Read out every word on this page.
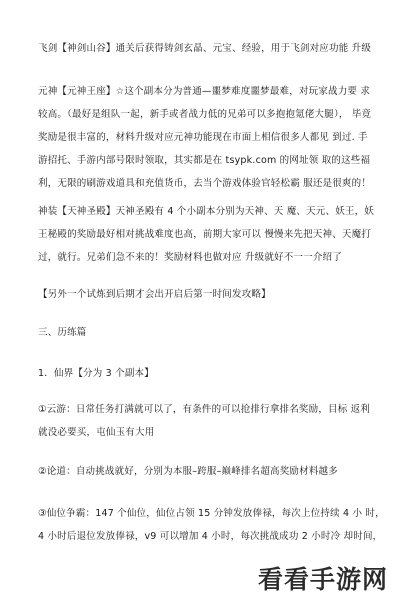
飞剑【神剑山谷】通关后获得铸剑玄晶、元宝、经验，用于飞剑对应功能 升级
元神【元神王座】☆这个副本分为普通—噩梦难度噩梦最难，对玩家战力要 求
较高。（最好是组队一起，新手或者战力低的兄弟可以多抱抱氪佬大腿）， 毕竟
奖励是很丰富的，材料升级对应元神功能现在市面上相信很多人都见 到过. 手
游招托、手游内部号限时领取，其实都是在 tsypk.com 的网址领 取的这些福
利，无限的刷游戏道具和充值货币，去当个游戏体验官轻松霸 服还是很爽的！
神装【天神圣殿】天神圣殿有 4 个小副本分别为天神、天 魔、天元、妖王，妖
王秘殿的奖励最好相对挑战难度也高，前期大家可以 慢慢来先把天神、天魔打
过，就行。兄弟们急不来的！奖励材料也做对应 升级就好不一一介绍了
【另外一个试炼到后期才会出开启后第一时间发攻略】
三、历练篇
1．仙界【分为 3 个副本】
①云游：日常任务打满就可以了，有条件的可以抢排行拿排名奖励，目标 返利
就没必要买，屯仙玉有大用
②论道：自动挑战就好，分别为本服–跨服–巅峰排名超高奖励材料越多
③仙位争霸：147 个仙位，仙位占领 15 分钟发放俸禄，每次上位持续 4 小 时，
4 小时后退位发放俸禄，v9 可以增加 4 小时，每次挑战成功 2 小时冷 却时间，
看看手游网
